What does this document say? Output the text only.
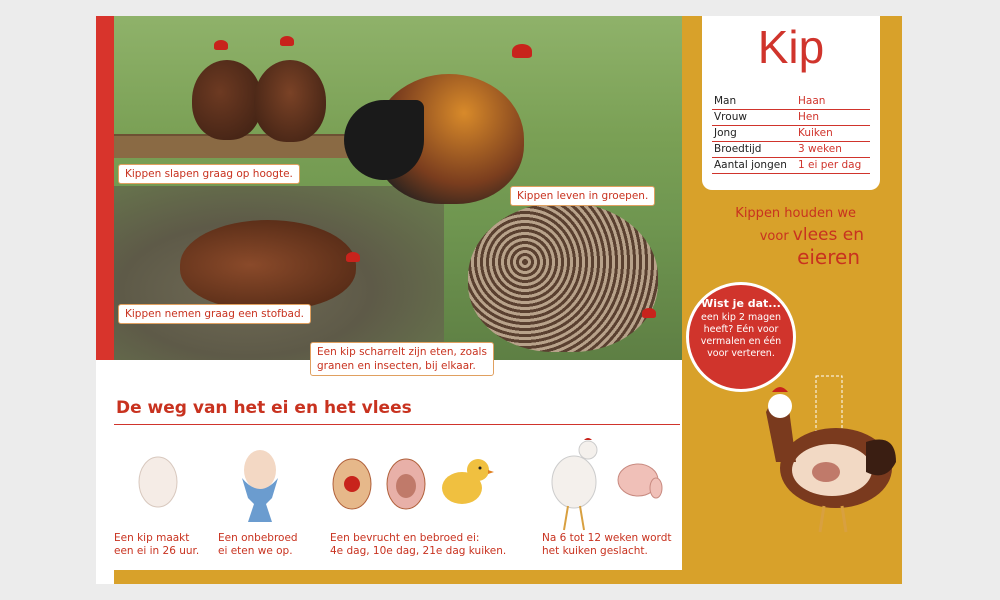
Kippen slapen graag op hoogte.
Kippen leven in groepen.
Kippen nemen graag een stofbad.
Een kip scharrelt zijn eten, zoals
granen en insecten, bij elkaar.
Kip
Man	Haan
Vrouw	Hen
Jong	Kuiken
Broedtijd	3 weken
Aantal jongen	1 ei per dag
Kippen houden we
voor vlees en
eieren
Wist je dat...
een kip 2 magen
heeft? Eén voor
vermalen en één
voor verteren.
De weg van het ei en het vlees
Een kip maakt
een ei in 26 uur.
Een onbebroed
ei eten we op.
Een bevrucht en bebroed ei:
4e dag, 10e dag, 21e dag kuiken.
Na 6 tot 12 weken wordt
het kuiken geslacht.
